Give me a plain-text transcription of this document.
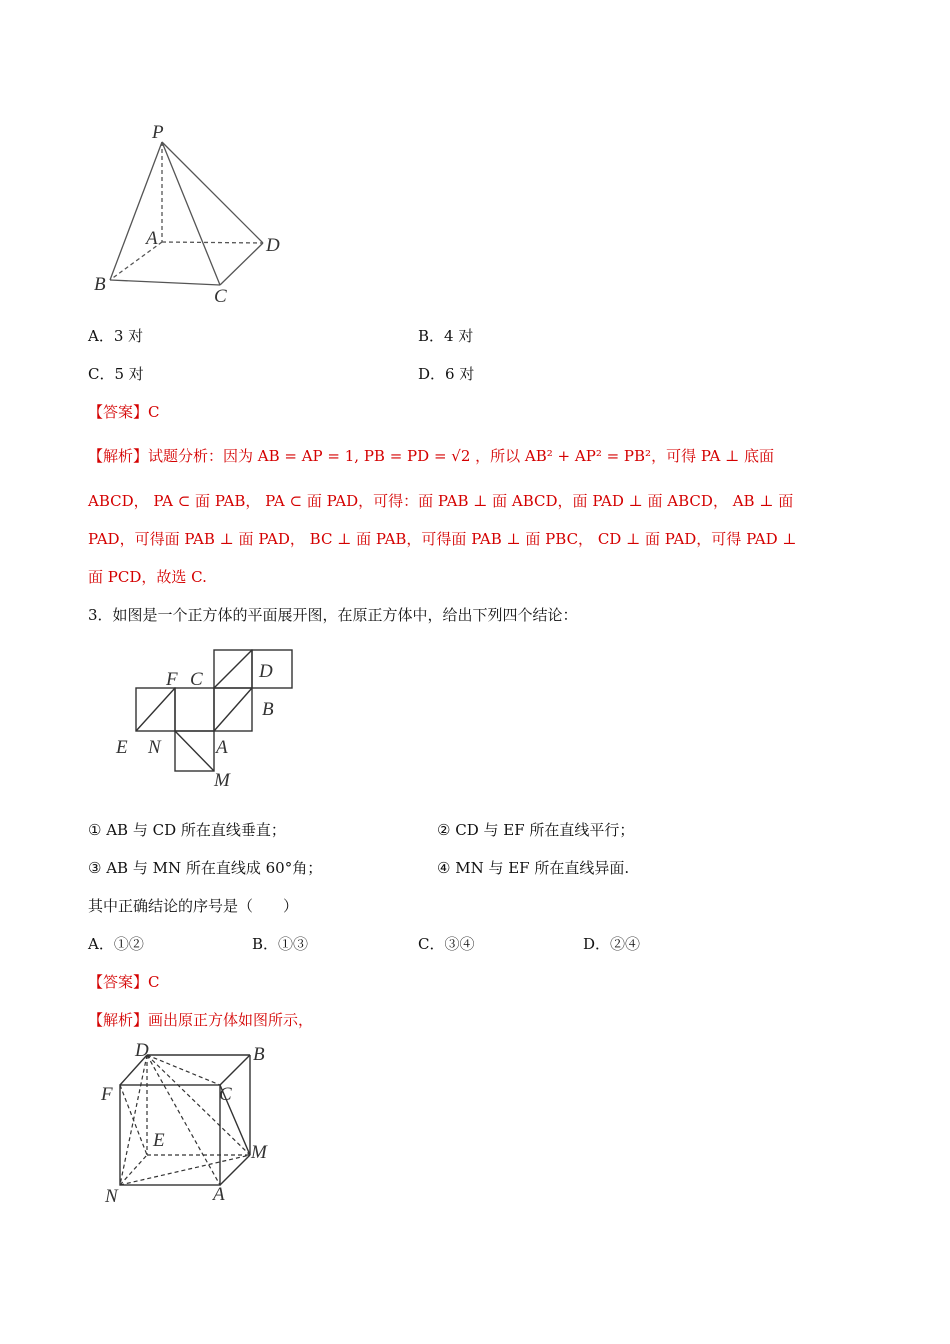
P
A	D
B
C
A．3 对	B．4 对
C．5 对	D．6 对
【答案】C
【解析】试题分析：因为 AB = AP = 1, PB = PD = √2 ，所以 AB² + AP² = PB²，可得 PA ⊥ 底面
ABCD， PA ⊂ 面 PAB， PA ⊂ 面 PAD，可得：面 PAB ⊥ 面 ABCD，面 PAD ⊥ 面 ABCD， AB ⊥ 面
PAD，可得面 PAB ⊥ 面 PAD， BC ⊥ 面 PAB，可得面 PAB ⊥ 面 PBC， CD ⊥ 面 PAD，可得 PAD ⊥
面 PCD，故选 C.
3．如图是一个正方体的平面展开图，在原正方体中，给出下列四个结论：
F C	D
B
E N	A
M
① AB 与 CD 所在直线垂直；	② CD 与 EF 所在直线平行；
③ AB 与 MN 所在直线成 60°角；	④ MN 与 EF 所在直线异面.
其中正确结论的序号是（　　）
A．①②	B．①③	C．③④	D．②④
【答案】C
【解析】画出原正方体如图所示，
D	B
F	C
E
M
N	A
